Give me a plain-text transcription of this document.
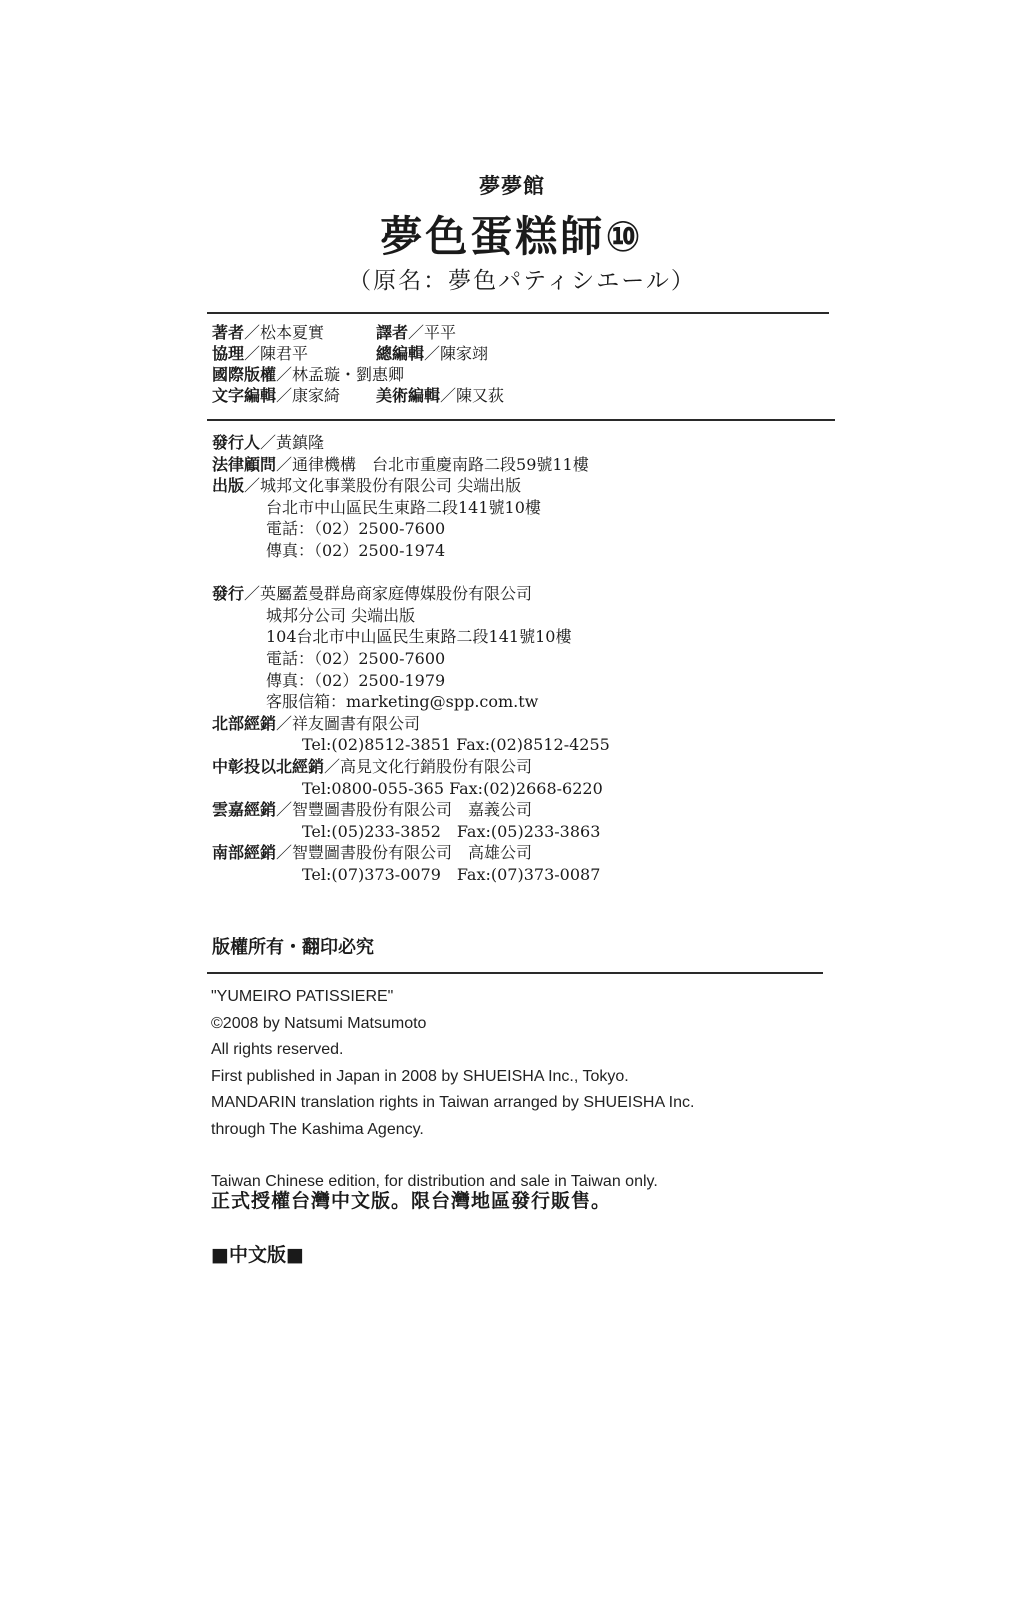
夢夢館
夢色蛋糕師⑩
（原名：夢色パティシエール）
著者／松本夏實	譯者／平平
協理／陳君平	總編輯／陳家翊
國際版權／林孟璇・劉惠卿
文字編輯／康家綺	美術編輯／陳又荻
發行人／黃鎮隆
法律顧問／通律機構　台北市重慶南路二段59號11樓
出版／城邦文化事業股份有限公司 尖端出版
台北市中山區民生東路二段141號10樓
電話：（02）2500-7600
傳真：（02）2500-1974
發行／英屬蓋曼群島商家庭傳媒股份有限公司
城邦分公司 尖端出版
104台北市中山區民生東路二段141號10樓
電話：（02）2500-7600
傳真：（02）2500-1979
客服信箱：marketing@spp.com.tw
北部經銷／祥友圖書有限公司
Tel:(02)8512-3851 Fax:(02)8512-4255
中彰投以北經銷／高見文化行銷股份有限公司
Tel:0800-055-365 Fax:(02)2668-6220
雲嘉經銷／智豐圖書股份有限公司　嘉義公司
Tel:(05)233-3852　Fax:(05)233-3863
南部經銷／智豐圖書股份有限公司　高雄公司
Tel:(07)373-0079　Fax:(07)373-0087
版權所有・翻印必究
"YUMEIRO PATISSIERE"
©2008 by Natsumi Matsumoto
All rights reserved.
First published in Japan in 2008 by SHUEISHA Inc., Tokyo.
MANDARIN translation rights in Taiwan arranged by SHUEISHA Inc.
through The Kashima Agency.
Taiwan Chinese edition, for distribution and sale in Taiwan only.
正式授權台灣中文版。限台灣地區發行販售。
■中文版■
